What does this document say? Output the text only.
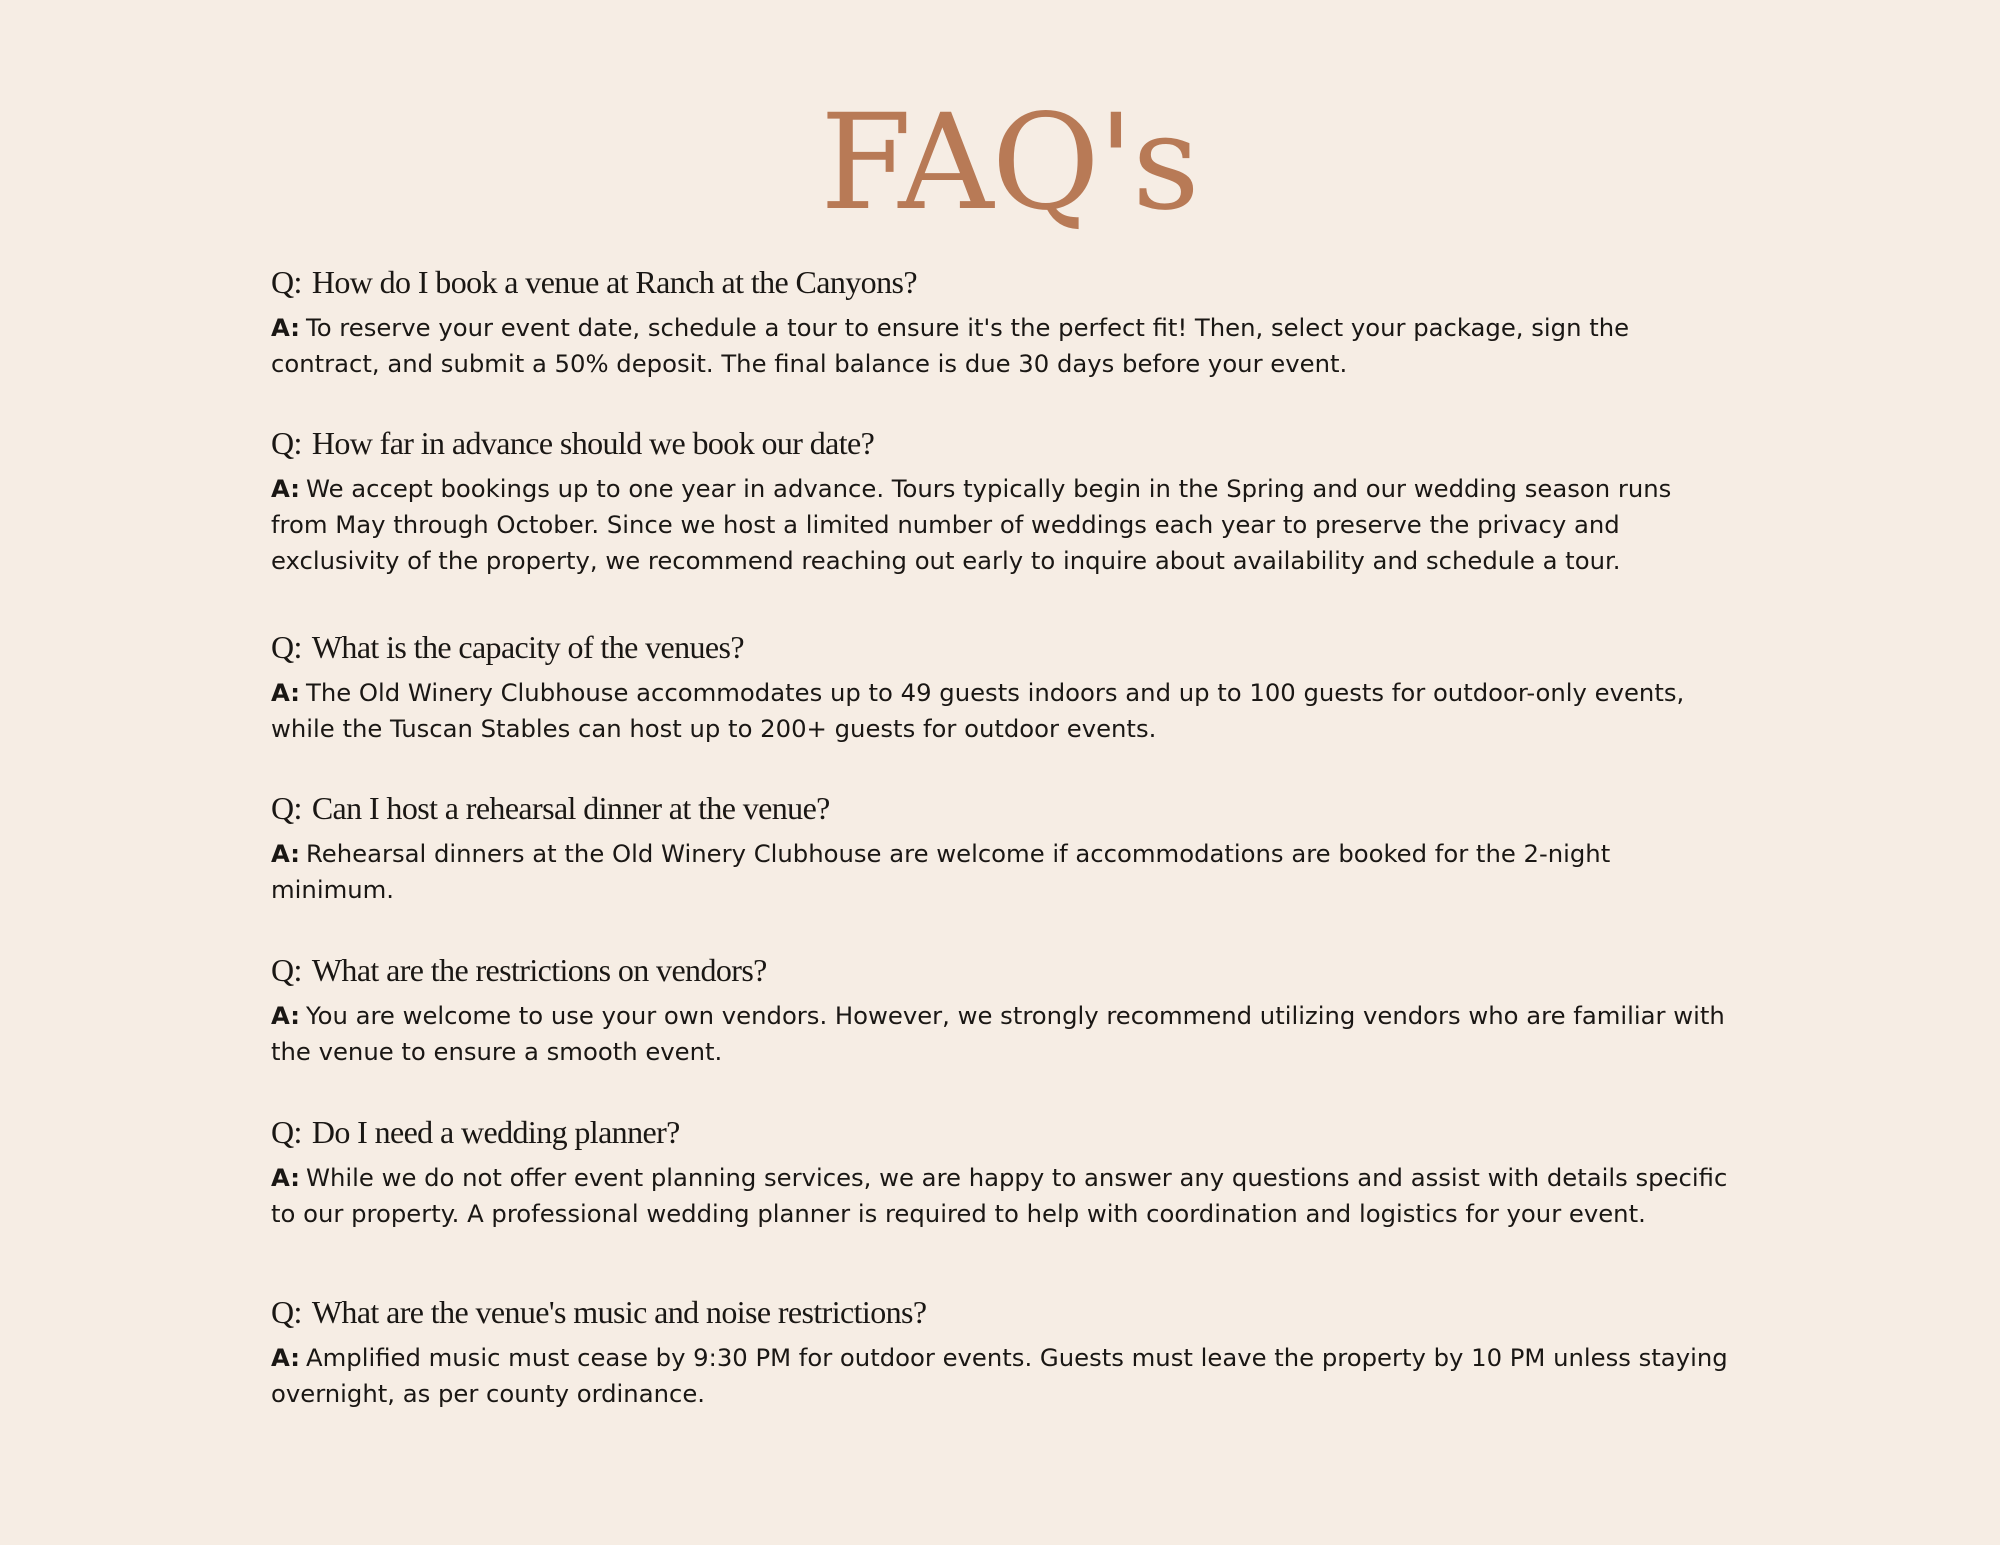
FAQ's
Q: How do I book a venue at Ranch at the Canyons?

A: To reserve your event date, schedule a tour to ensure it's the perfect fit! Then, select your package, sign the contract, and submit a 50% deposit. The final balance is due 30 days before your event.

Q: How far in advance should we book our date?

A: We accept bookings up to one year in advance. Tours typically begin in the Spring and our wedding season runs from May through October. Since we host a limited number of weddings each year to preserve the privacy and exclusivity of the property, we recommend reaching out early to inquire about availability and schedule a tour.

Q: What is the capacity of the venues?

A: The Old Winery Clubhouse accommodates up to 49 guests indoors and up to 100 guests for outdoor-only events, while the Tuscan Stables can host up to 200+ guests for outdoor events.

Q: Can I host a rehearsal dinner at the venue?

A: Rehearsal dinners at the Old Winery Clubhouse are welcome if accommodations are booked for the 2-night minimum.

Q: What are the restrictions on vendors?

A: You are welcome to use your own vendors. However, we strongly recommend utilizing vendors who are familiar with the venue to ensure a smooth event.

Q: Do I need a wedding planner?

A: While we do not offer event planning services, we are happy to answer any questions and assist with details specific to our property. A professional wedding planner is required to help with coordination and logistics for your event.

Q: What are the venue's music and noise restrictions?

A: Amplified music must cease by 9:30 PM for outdoor events. Guests must leave the property by 10 PM unless staying overnight, as per county ordinance.
